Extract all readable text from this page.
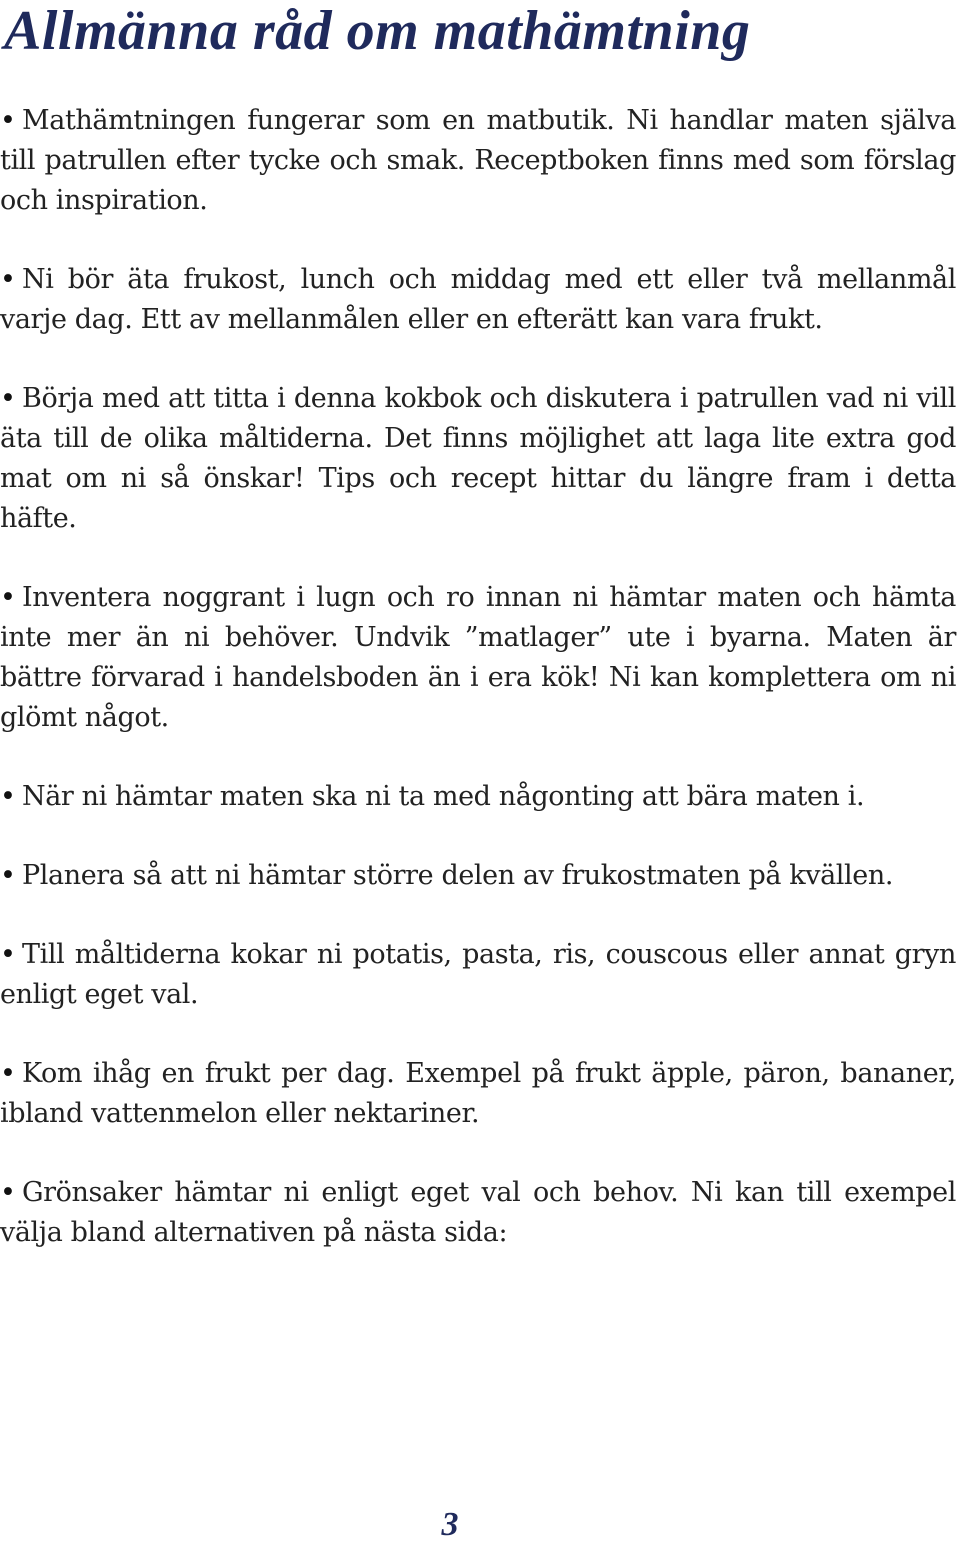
Allmänna råd om mathämtning
• Mathämtningen fungerar som en matbutik. Ni handlar maten själva till patrullen efter tycke och smak. Receptboken finns med som förslag och inspiration.
• Ni bör äta frukost, lunch och middag med ett eller två mellanmål varje dag. Ett av mellanmålen eller en efterätt kan vara frukt.
• Börja med att titta i denna kokbok och diskutera i patrullen vad ni vill äta till de olika måltiderna. Det finns möjlighet att laga lite extra god mat om ni så önskar! Tips och recept hittar du längre fram i detta häfte.
• Inventera noggrant i lugn och ro innan ni hämtar maten och hämta inte mer än ni behöver. Undvik ”matlager” ute i byarna. Maten är bättre förvarad i handelsboden än i era kök! Ni kan komplettera om ni glömt något.
• När ni hämtar maten ska ni ta med någonting att bära maten i.
• Planera så att ni hämtar större delen av frukostmaten på kvällen.
• Till måltiderna kokar ni potatis, pasta, ris, couscous eller annat gryn enligt eget val.
• Kom ihåg en frukt per dag. Exempel på frukt äpple, päron, bananer, ibland vattenmelon eller nektariner.
• Grönsaker hämtar ni enligt eget val och behov. Ni kan till exempel välja bland alternativen på nästa sida:
3
